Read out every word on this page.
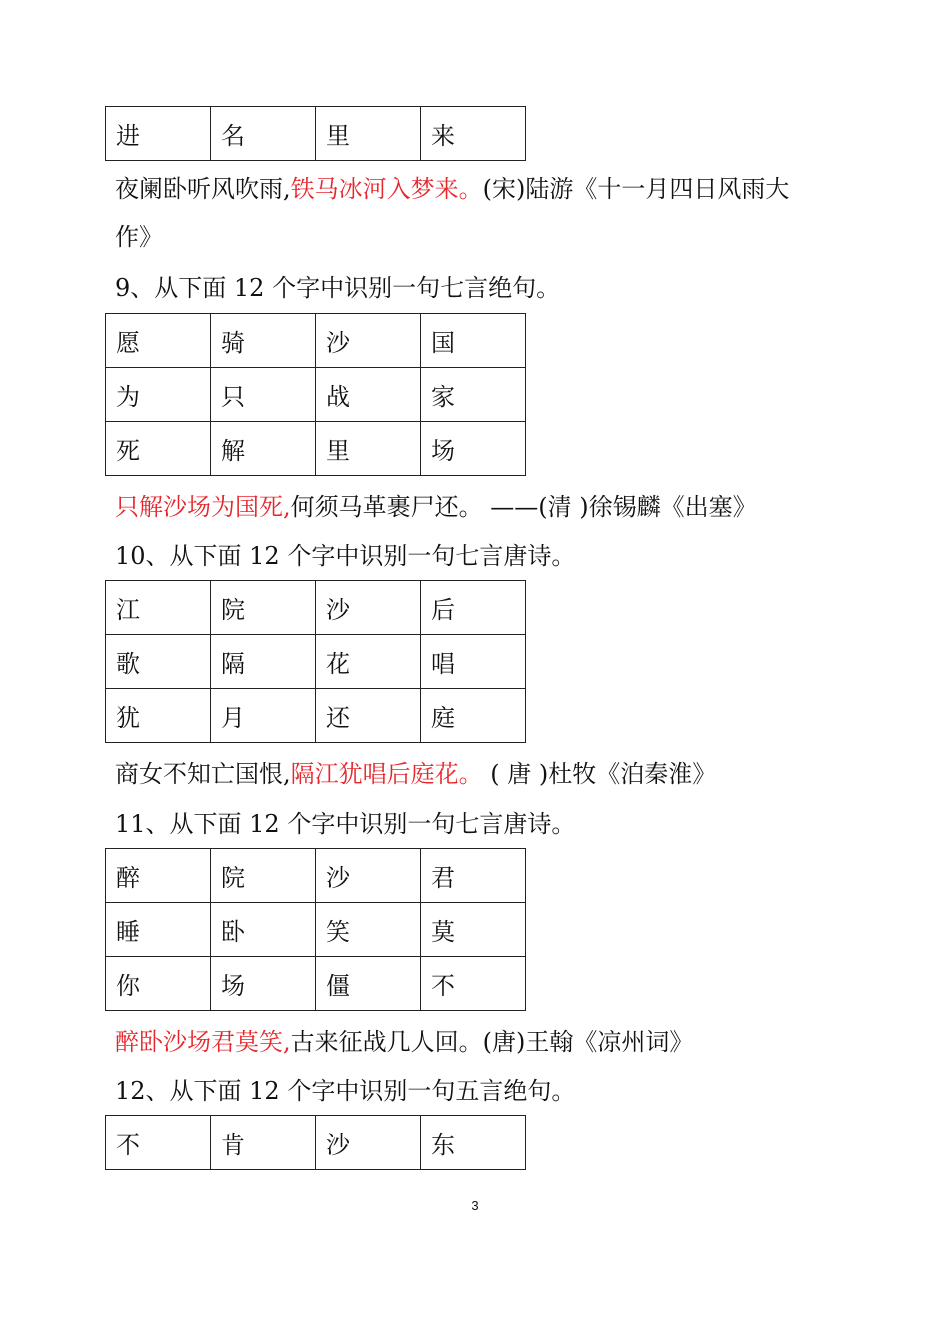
进	名	里	来
夜阑卧听风吹雨,铁马冰河入梦来。(宋)陆游《十一月四日风雨大
作》
9、从下面 12 个字中识别一句七言绝句。
愿	骑	沙	国
为	只	战	家
死	解	里	场
只解沙场为国死,何须马革裹尸还。 ——(清 )徐锡麟《出塞》
10、从下面 12 个字中识别一句七言唐诗。
江	院	沙	后
歌	隔	花	唱
犹	月	还	庭
商女不知亡国恨,隔江犹唱后庭花。 ( 唐 )杜牧《泊秦淮》
11、从下面 12 个字中识别一句七言唐诗。
醉	院	沙	君
睡	卧	笑	莫
你	场	僵	不
醉卧沙场君莫笑,古来征战几人回。(唐)王翰《凉州词》
12、从下面 12 个字中识别一句五言绝句。
不	肯	沙	东
3
